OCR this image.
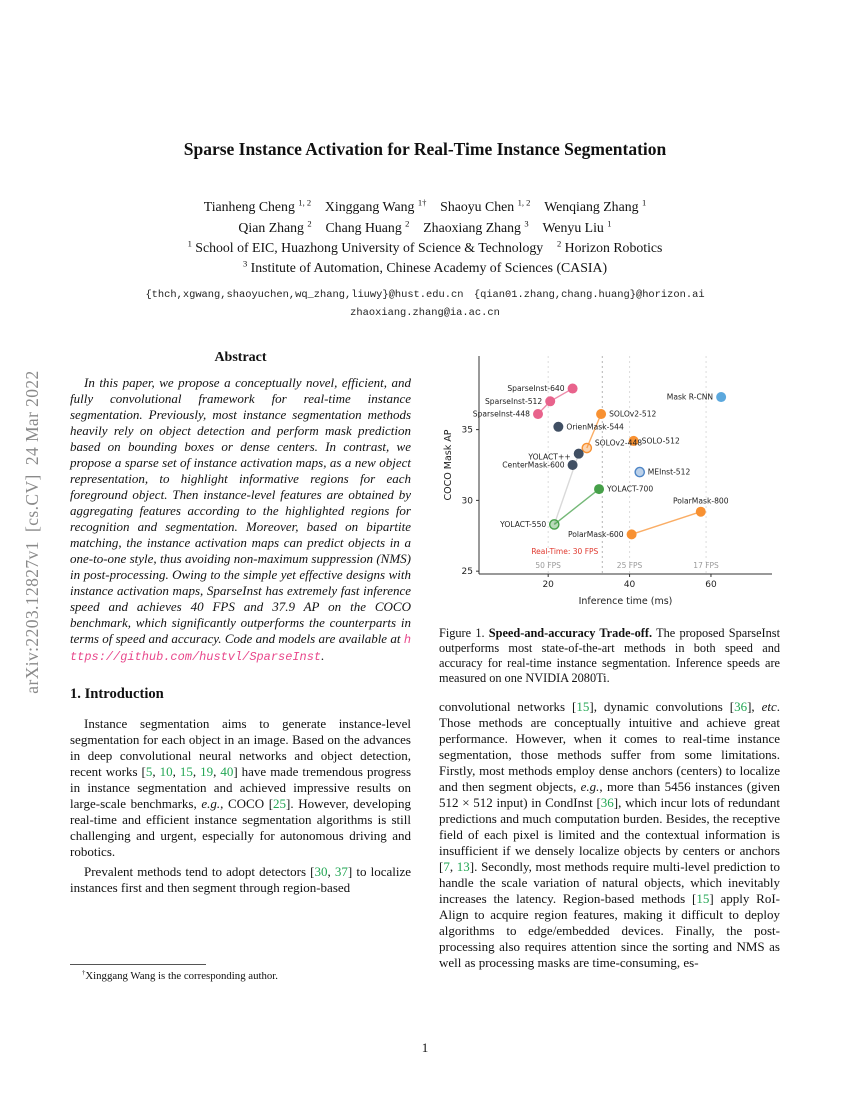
arXiv:2203.12827v1 [cs.CV] 24 Mar 2022
Sparse Instance Activation for Real-Time Instance Segmentation
Tianheng Cheng $^{1, 2}$  Xinggang Wang $^{1\dagger}$  Shaoyu Chen $^{1, 2}$  Wenqiang Zhang $^1$
Qian Zhang $^2$  Chang Huang $^2$  Zhaoxiang Zhang $^3$  Wenyu Liu $^1$
$^1$ School of EIC, Huazhong University of Science & Technology $^2$ Horizon Robotics
$^3$ Institute of Automation, Chinese Academy of Sciences (CASIA)
{thch,xgwang,shaoyuchen,wq_zhang,liuwy}@hust.edu.cn {qian01.zhang,chang.huang}@horizon.ai
zhaoxiang.zhang@ia.ac.cn
Abstract

In this paper, we propose a conceptually novel, efficient, and fully convolutional framework for real-time instance segmentation. Previously, most instance segmentation methods heavily rely on object detection and perform mask prediction based on bounding boxes or dense centers. In contrast, we propose a sparse set of instance activation maps, as a new object representation, to highlight informative regions for each foreground object. Then instance-level features are obtained by aggregating features according to the highlighted regions for recognition and segmentation. Moreover, based on bipartite matching, the instance activation maps can predict objects in a one-to-one style, thus avoiding non-maximum suppression (NMS) in post-processing. Owing to the simple yet effective designs with instance activation maps, SparseInst has extremely fast inference speed and achieves 40 FPS and 37.9 AP on the COCO benchmark, which significantly outperforms the counterparts in terms of speed and accuracy. Code and models are available at https://github.com/hustvl/SparseInst.

1. Introduction

Instance segmentation aims to generate instance-level segmentation for each object in an image. Based on the advances in deep convolutional neural networks and object detection, recent works [5, 10, 15, 19, 40] have made tremendous progress in instance segmentation and achieved impressive results on large-scale benchmarks, e.g., COCO [25]. However, developing real-time and efficient instance segmentation algorithms is still challenging and urgent, especially for autonomous driving and robotics.

Prevalent methods tend to adopt detectors [30, 37] to localize instances first and then segment through region-based

50 FPS
Real-Time: 30 FPS
25 FPS	17 FPS
SparseInst-640
SparseInst-512
SparseInst-448
OrienMask-544
SOLOv2-512
Mask R-CNN
SOLO-512
SOLOv2-448
YOLACT++
CenterMask-600
MEInst-512
YOLACT-700
YOLACT-550
PolarMask-800
PolarMask-600
25
30
35
20	40	60
Inference time (ms)
COCO Mask AP
Figure 1. Speed-and-accuracy Trade-off. The proposed SparseInst outperforms most state-of-the-art methods in both speed and accuracy for real-time instance segmentation. Inference speeds are measured on one NVIDIA 2080Ti.

convolutional networks [15], dynamic convolutions [36], etc. Those methods are conceptually intuitive and achieve great performance. However, when it comes to real-time instance segmentation, those methods suffer from some limitations. Firstly, most methods employ dense anchors (centers) to localize and then segment objects, e.g., more than 5456 instances (given 512 × 512 input) in CondInst [36], which incur lots of redundant predictions and much computation burden. Besides, the receptive field of each pixel is limited and the contextual information is insufficient if we densely localize objects by centers or anchors [7, 13]. Secondly, most methods require multi-level prediction to handle the scale variation of natural objects, which inevitably increases the latency. Region-based methods [15] apply RoI-Align to acquire region features, making it difficult to deploy algorithms to edge/embedded devices. Finally, the post-processing also requires attention since the sorting and NMS as well as processing masks are time-consuming, es-

†Xinggang Wang is the corresponding author.
1
